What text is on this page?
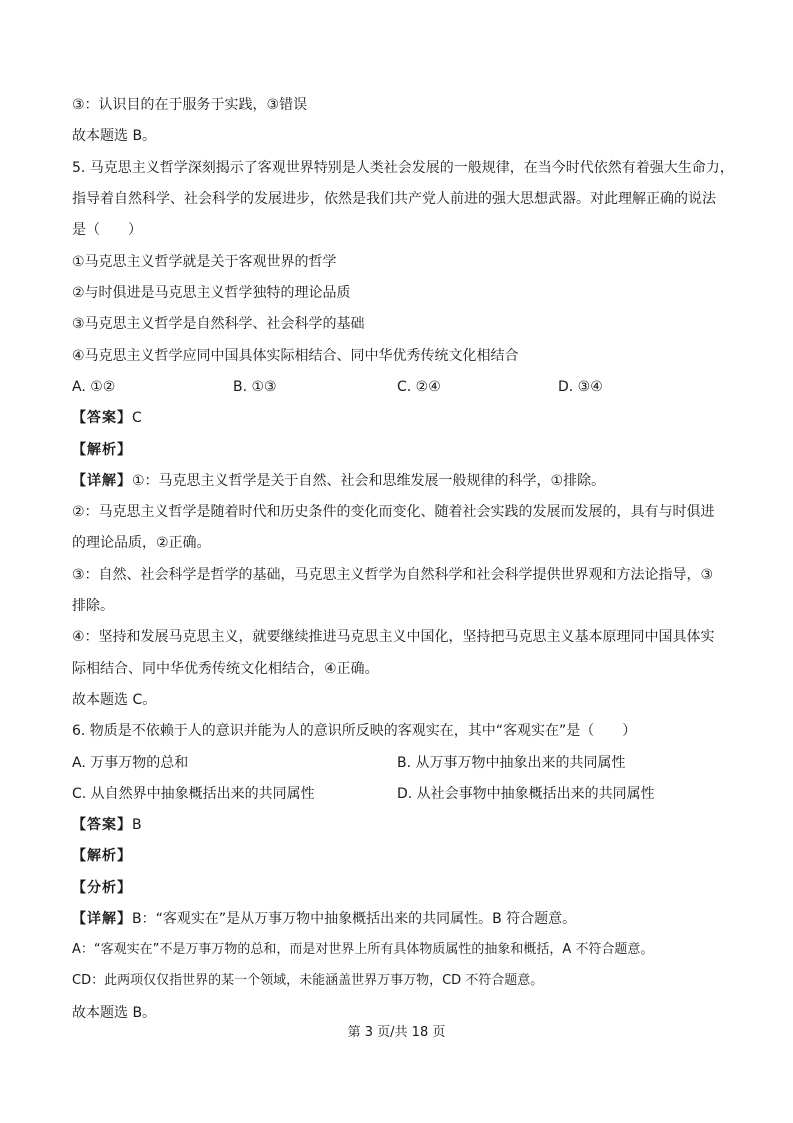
③：认识目的在于服务于实践，③错误
故本题选 B。
5. 马克思主义哲学深刻揭示了客观世界特别是人类社会发展的一般规律，在当今时代依然有着强大生命力，
指导着自然科学、社会科学的发展进步，依然是我们共产党人前进的强大思想武器。对此理解正确的说法
是（　　）
①马克思主义哲学就是关于客观世界的哲学
②与时俱进是马克思主义哲学独特的理论品质
③马克思主义哲学是自然科学、社会科学的基础
④马克思主义哲学应同中国具体实际相结合、同中华优秀传统文化相结合
A. ①②	B. ①③	C. ②④	D. ③④
【答案】C
【解析】
【详解】①：马克思主义哲学是关于自然、社会和思维发展一般规律的科学，①排除。
②：马克思主义哲学是随着时代和历史条件的变化而变化、随着社会实践的发展而发展的，具有与时俱进
的理论品质，②正确。
③：自然、社会科学是哲学的基础，马克思主义哲学为自然科学和社会科学提供世界观和方法论指导，③
排除。
④：坚持和发展马克思主义，就要继续推进马克思主义中国化，坚持把马克思主义基本原理同中国具体实
际相结合、同中华优秀传统文化相结合，④正确。
故本题选 C。
6. 物质是不依赖于人的意识并能为人的意识所反映的客观实在，其中“客观实在”是（　　）
A. 万事万物的总和	B. 从万事万物中抽象出来的共同属性
C. 从自然界中抽象概括出来的共同属性	D. 从社会事物中抽象概括出来的共同属性
【答案】B
【解析】
【分析】
【详解】B：“客观实在”是从万事万物中抽象概括出来的共同属性。B 符合题意。
A：“客观实在”不是万事万物的总和，而是对世界上所有具体物质属性的抽象和概括，A 不符合题意。
CD：此两项仅仅指世界的某一个领域，未能涵盖世界万事万物，CD 不符合题意。
故本题选 B。
第 3 页/共 18 页
